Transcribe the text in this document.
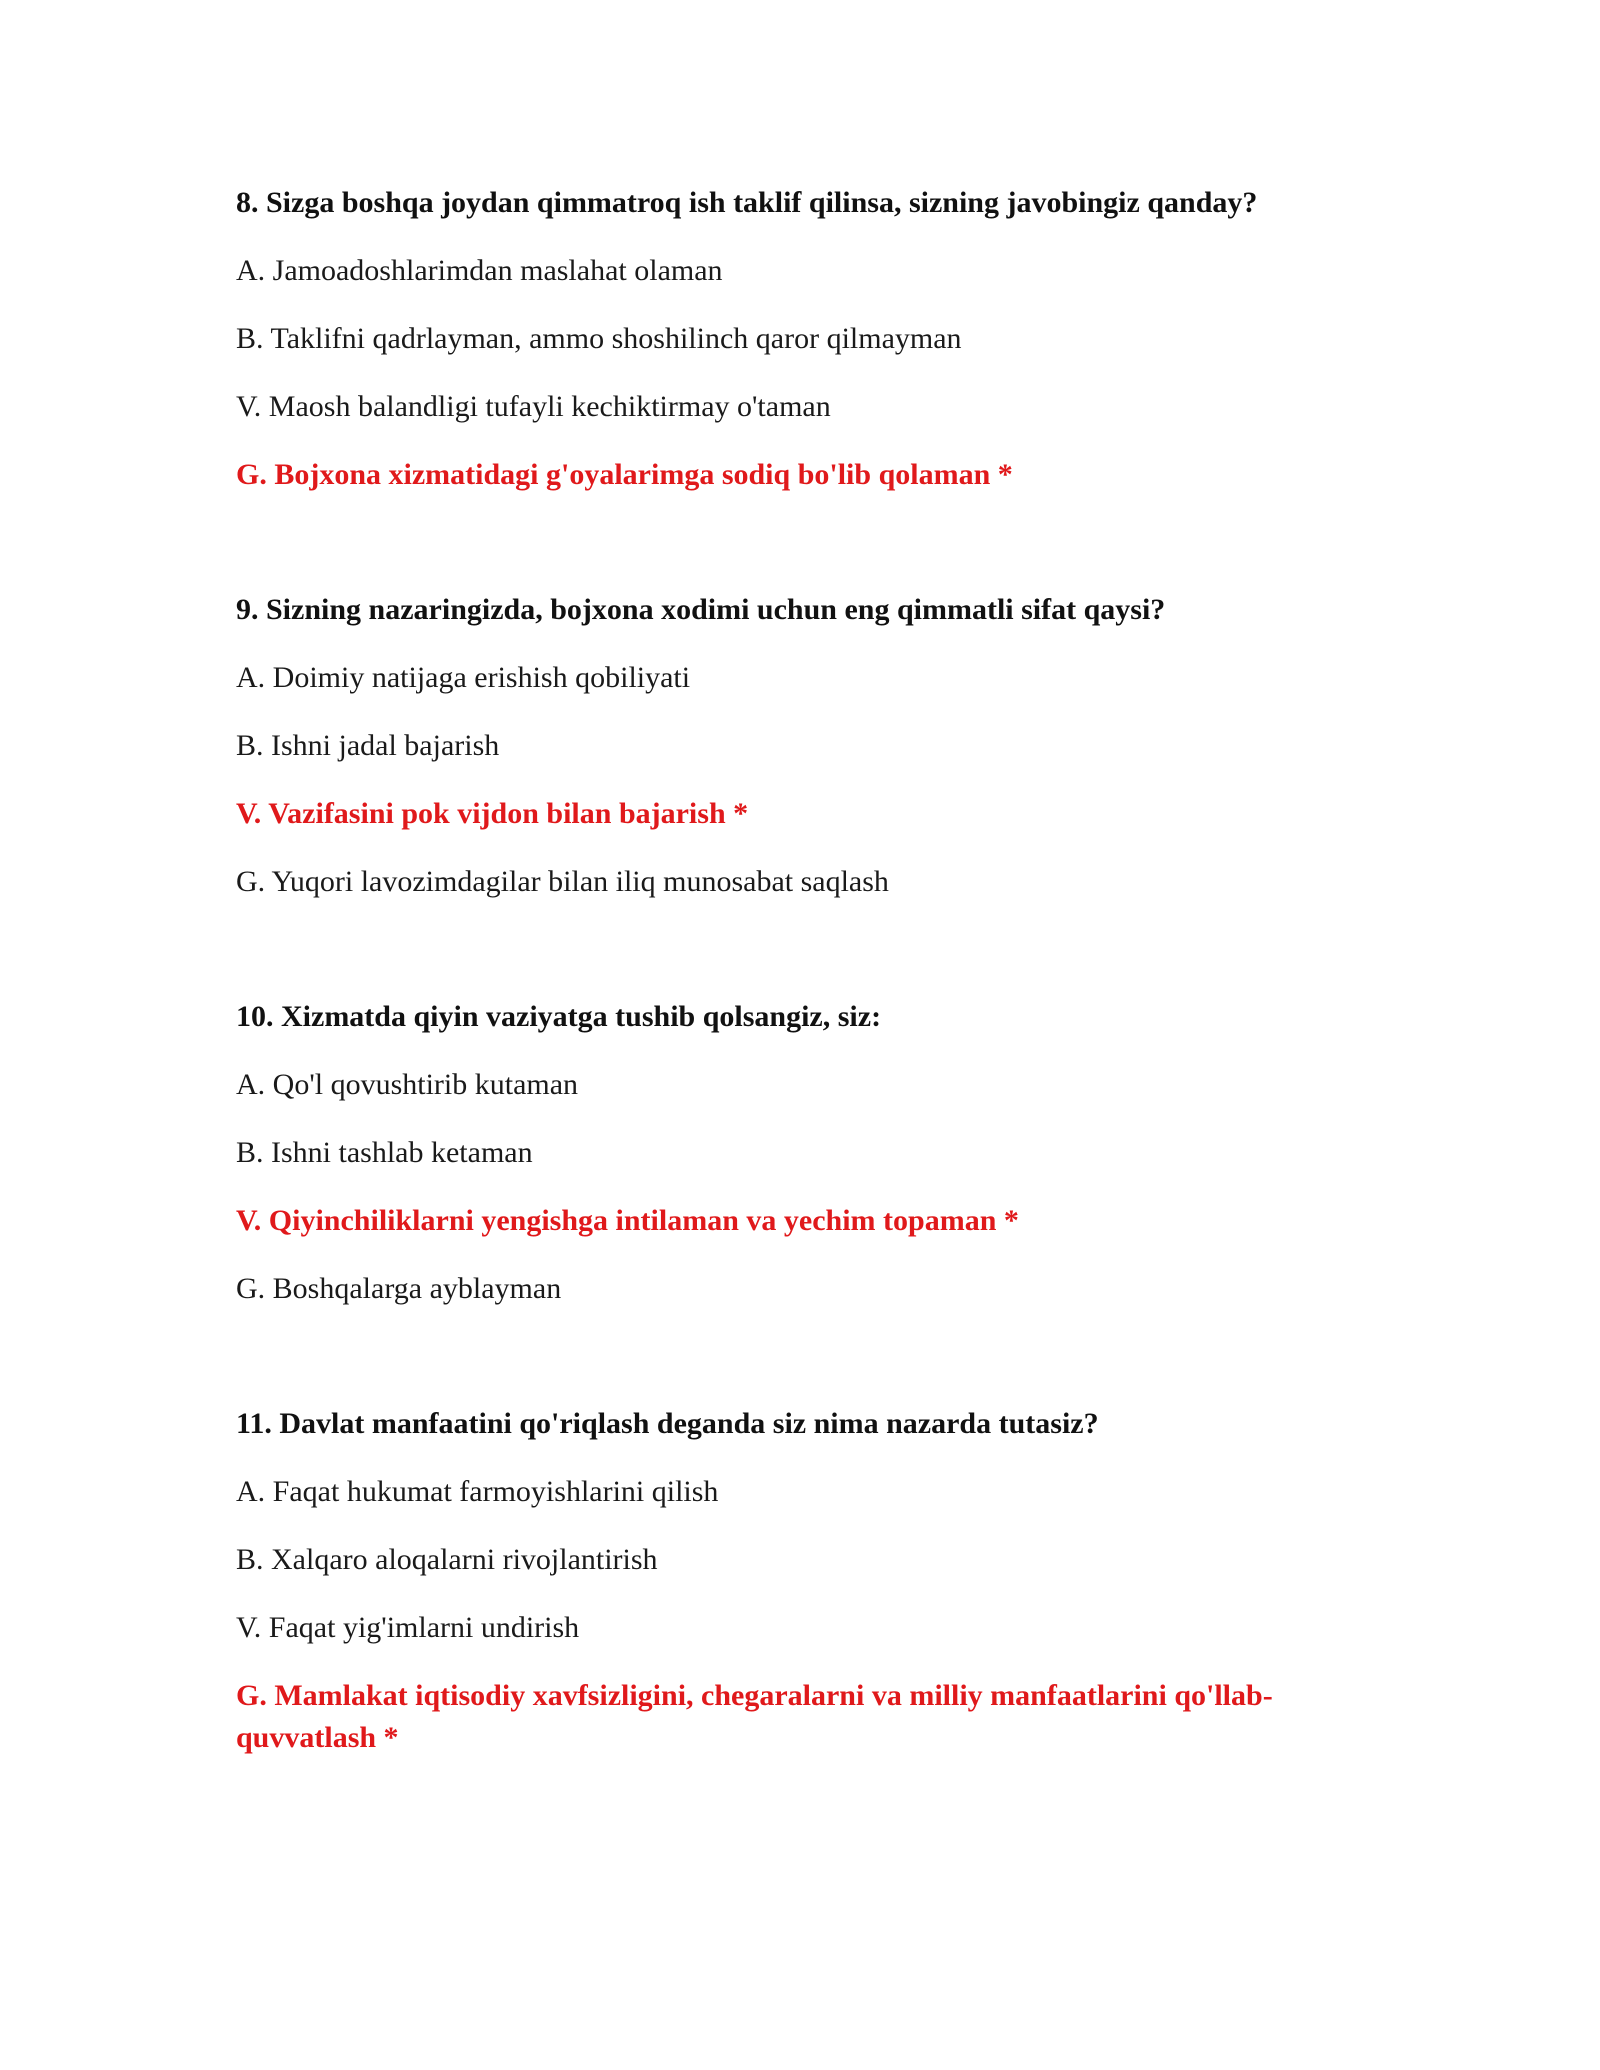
8. Sizga boshqa joydan qimmatroq ish taklif qilinsa, sizning javobingiz qanday?

A. Jamoadoshlarimdan maslahat olaman

B. Taklifni qadrlayman, ammo shoshilinch qaror qilmayman

V. Maosh balandligi tufayli kechiktirmay o'taman

G. Bojxona xizmatidagi g'oyalarimga sodiq bo'lib qolaman *

9. Sizning nazaringizda, bojxona xodimi uchun eng qimmatli sifat qaysi?

A. Doimiy natijaga erishish qobiliyati

B. Ishni jadal bajarish

V. Vazifasini pok vijdon bilan bajarish *

G. Yuqori lavozimdagilar bilan iliq munosabat saqlash

10. Xizmatda qiyin vaziyatga tushib qolsangiz, siz:

A. Qo'l qovushtirib kutaman

B. Ishni tashlab ketaman

V. Qiyinchiliklarni yengishga intilaman va yechim topaman *

G. Boshqalarga ayblayman

11. Davlat manfaatini qo'riqlash deganda siz nima nazarda tutasiz?

A. Faqat hukumat farmoyishlarini qilish

B. Xalqaro aloqalarni rivojlantirish

V. Faqat yig'imlarni undirish

G. Mamlakat iqtisodiy xavfsizligini, chegaralarni va milliy manfaatlarini qo'llab-quvvatlash *
